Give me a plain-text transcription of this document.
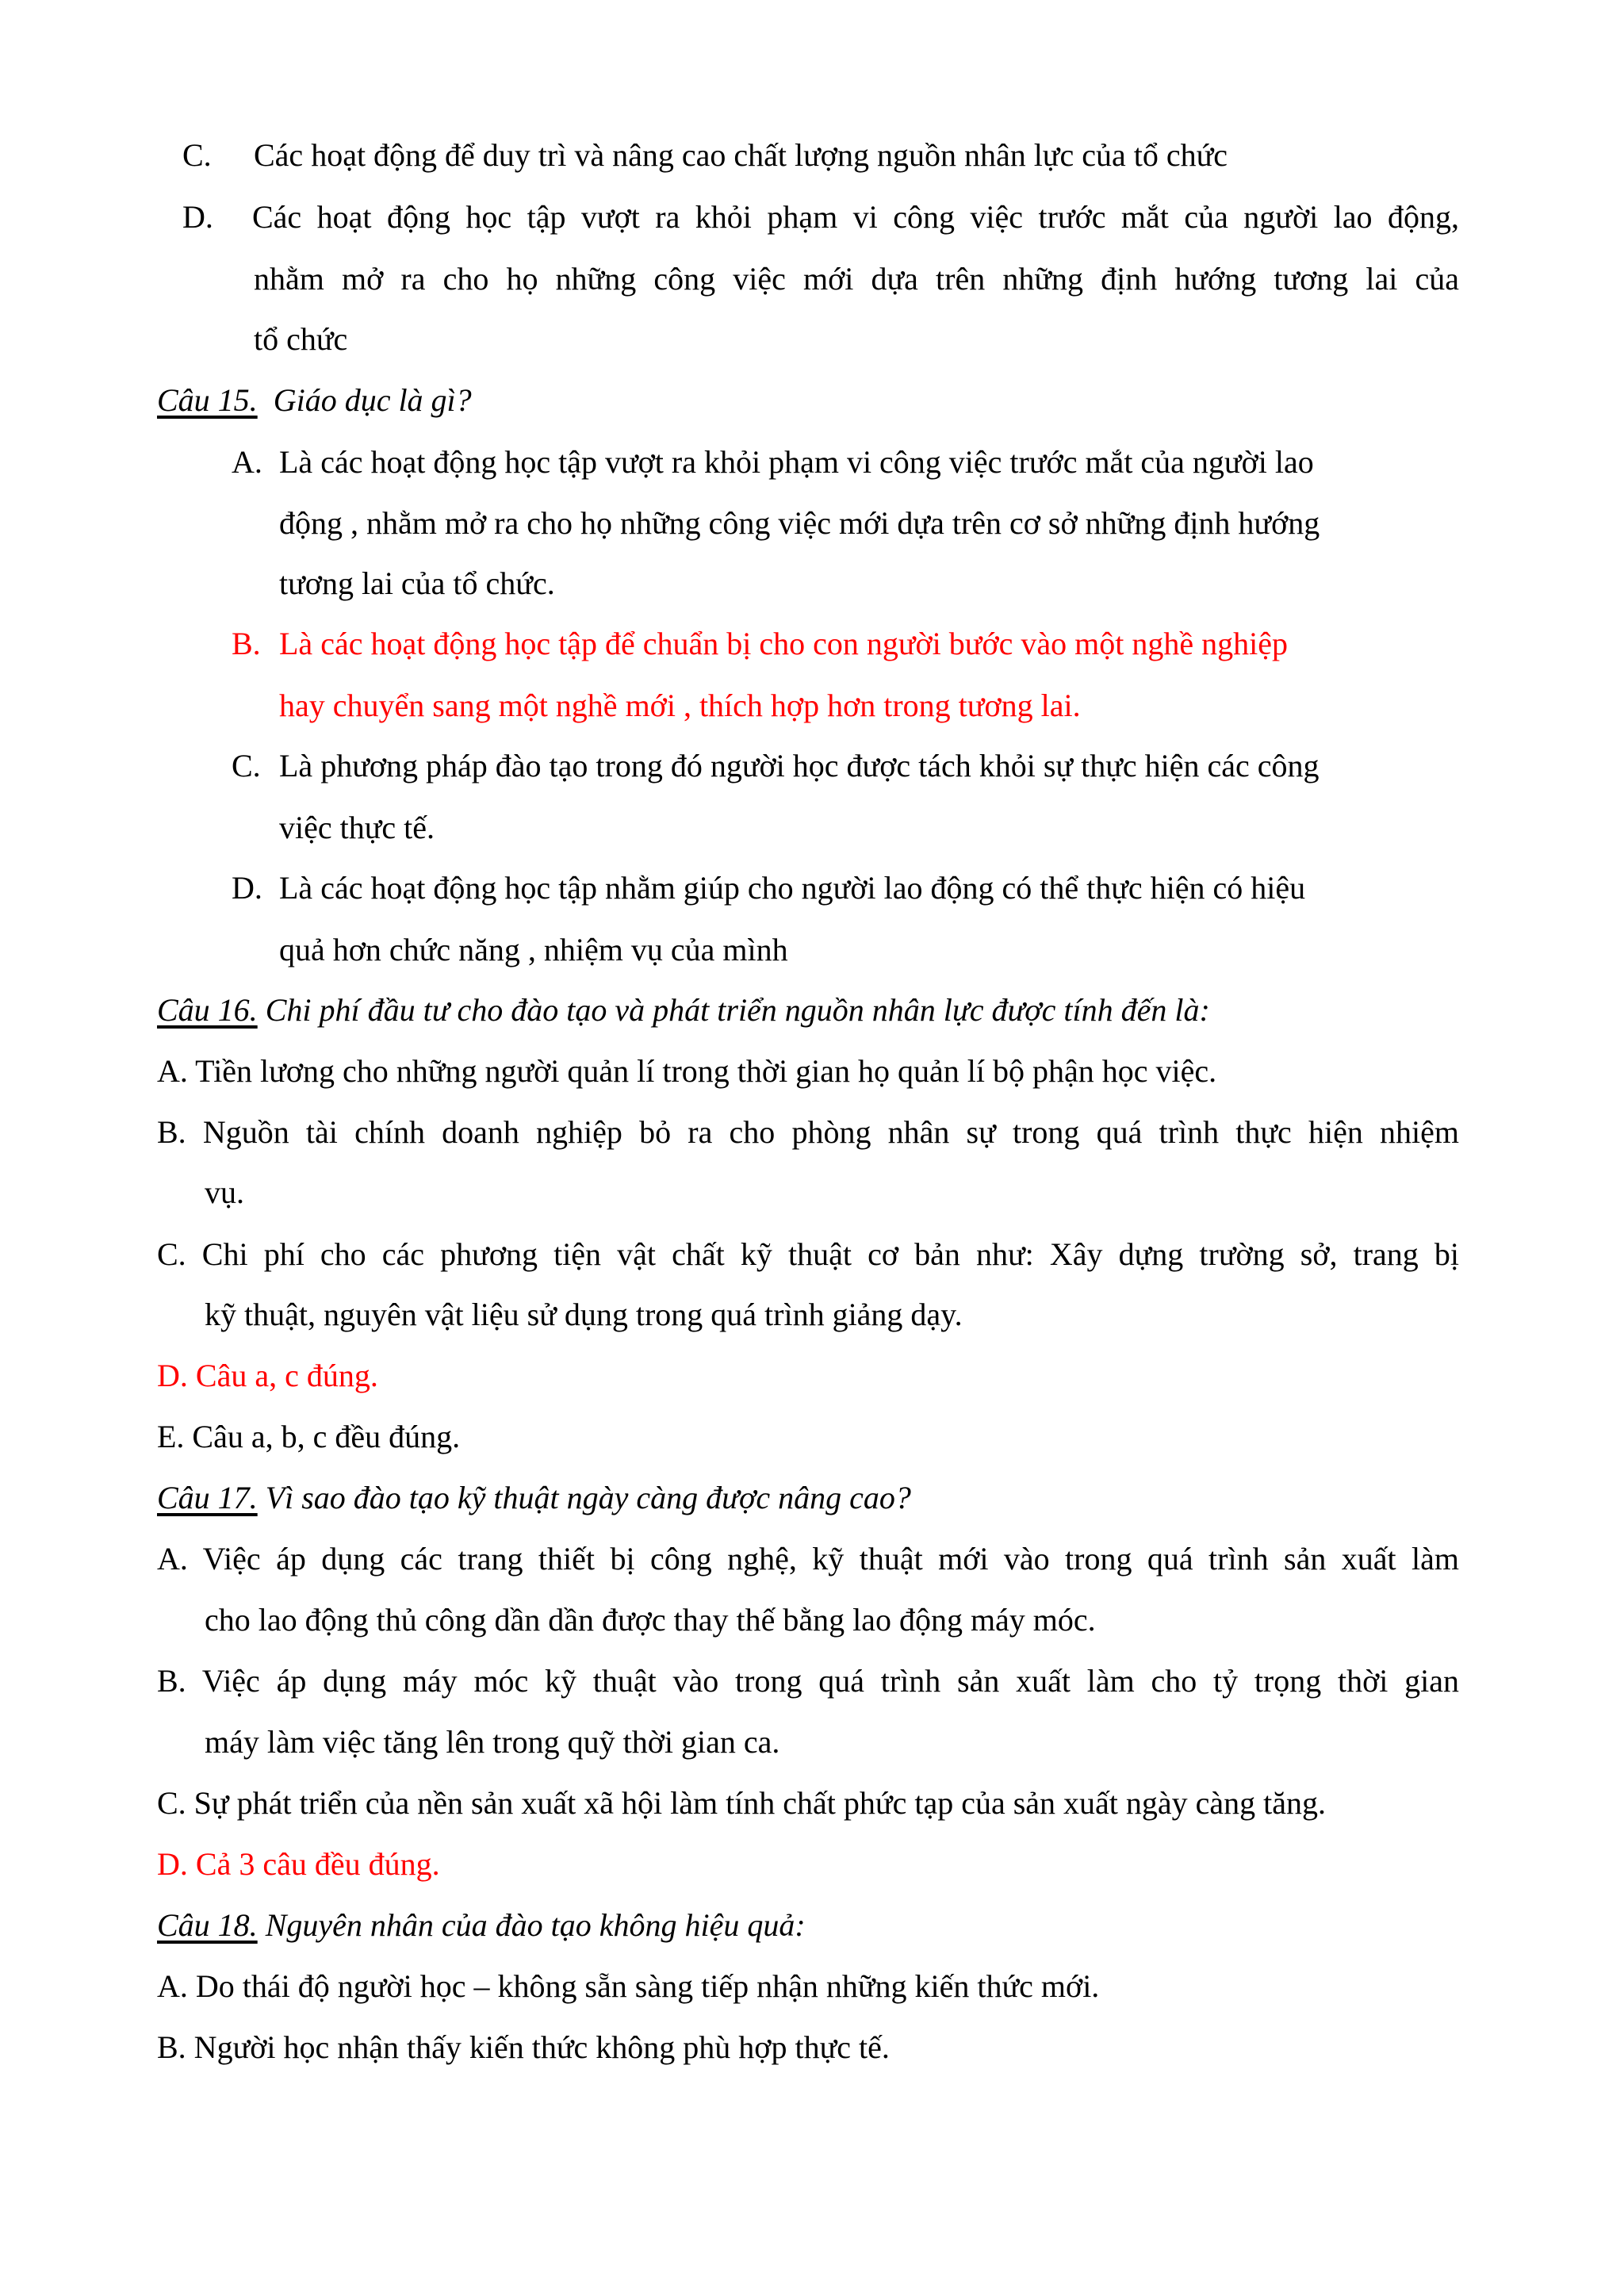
C. Các hoạt động để duy trì và nâng cao chất lượng nguồn nhân lực của tổ chức
D. Các hoạt động học tập vượt ra khỏi phạm vi công việc trước mắt của người lao động,
nhằm mở ra cho họ những công việc mới dựa trên những định hướng tương lai của
tổ chức
Câu 15. Giáo dục là gì?
A. Là các hoạt động học tập vượt ra khỏi phạm vi công việc trước mắt của người lao
động , nhằm mở ra cho họ những công việc mới dựa trên cơ sở những định hướng
tương lai của tổ chức.
B. Là các hoạt động học tập để chuẩn bị cho con người bước vào một nghề nghiệp
hay chuyển sang một nghề mới , thích hợp hơn trong tương lai.
C. Là phương pháp đào tạo trong đó người học được tách khỏi sự thực hiện các công
việc thực tế.
D. Là các hoạt động học tập nhằm giúp cho người lao động có thể thực hiện có hiệu
quả hơn chức năng , nhiệm vụ của mình
Câu 16. Chi phí đầu tư cho đào tạo và phát triển nguồn nhân lực được tính đến là:
A. Tiền lương cho những người quản lí trong thời gian họ quản lí bộ phận học việc.
B. Nguồn tài chính doanh nghiệp bỏ ra cho phòng nhân sự trong quá trình thực hiện nhiệm
vụ.
C. Chi phí cho các phương tiện vật chất kỹ thuật cơ bản như: Xây dựng trường sở, trang bị
kỹ thuật, nguyên vật liệu sử dụng trong quá trình giảng dạy.
D. Câu a, c đúng.
E. Câu a, b, c đều đúng.
Câu 17. Vì sao đào tạo kỹ thuật ngày càng được nâng cao?
A. Việc áp dụng các trang thiết bị công nghệ, kỹ thuật mới vào trong quá trình sản xuất làm
cho lao động thủ công dần dần được thay thế bằng lao động máy móc.
B. Việc áp dụng máy móc kỹ thuật vào trong quá trình sản xuất làm cho tỷ trọng thời gian
máy làm việc tăng lên trong quỹ thời gian ca.
C. Sự phát triển của nền sản xuất xã hội làm tính chất phức tạp của sản xuất ngày càng tăng.
D. Cả 3 câu đều đúng.
Câu 18. Nguyên nhân của đào tạo không hiệu quả:
A. Do thái độ người học – không sẵn sàng tiếp nhận những kiến thức mới.
B. Người học nhận thấy kiến thức không phù hợp thực tế.
